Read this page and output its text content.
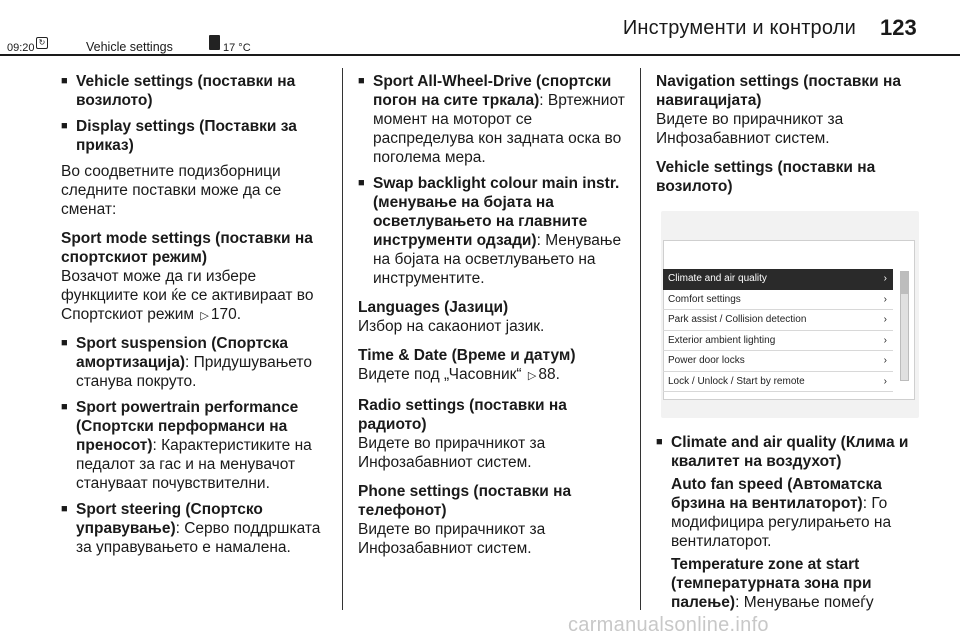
Инструменти и контроли 123
■ Vehicle settings (поставки на возилото)
■ Display settings (Поставки за приказ)

Во соодветните подизборници следните поставки може да се сменат:

Sport mode settings (поставки на спортскиот режим)

Возачот може да ги избере функциите кои ќе се активираат во Спортскиот режим ▷ 170.

■ Sport suspension (Спортска амортизација): Придушувањето станува покруто.
■ Sport powertrain performance (Спортски перформанси на преносот): Карактеристиките на педалот за гас и на менувачот стануваат почувствителни.
■ Sport steering (Спортско управување): Серво поддршката за управувањето е намалена.
■ Sport All-Wheel-Drive (спортски погон на сите тркала): Вртежниот момент на моторот се распределува кон задната оска во поголема мера.
■ Swap backlight colour main instr. (менување на бојата на осветлувањето на главните инструменти одзади): Менување на бојата на осветлувањето на инструментите.
Languages (Јазици)

Избор на сакаониот јазик.

Time & Date (Време и датум)

Видете под „Часовник“ ▷ 88.

Radio settings (поставки на радиото)

Видете во прирачникот за Инфозабавниот систем.

Phone settings (поставки на телефонот)

Видете во прирачникот за Инфозабавниот систем.

Navigation settings (поставки на навигацијата)

Видете во прирачникот за Инфозабавниот систем.

Vehicle settings (поставки на возилото)
09:20 ↻	Vehicle settings	17 °C
Climate and air quality	›
Comfort settings	›
Park assist / Collision detection	›
Exterior ambient lighting	›
Power door locks	›
Lock / Unlock / Start by remote	›
■ Climate and air quality (Клима и квалитет на воздухот)
Auto fan speed (Автоматска брзина на вентилаторот): Го модифицира регулирањето на вентилаторот.
Temperature zone at start (температурната зона при палење): Менување помеѓу
carmanualsonline.info
